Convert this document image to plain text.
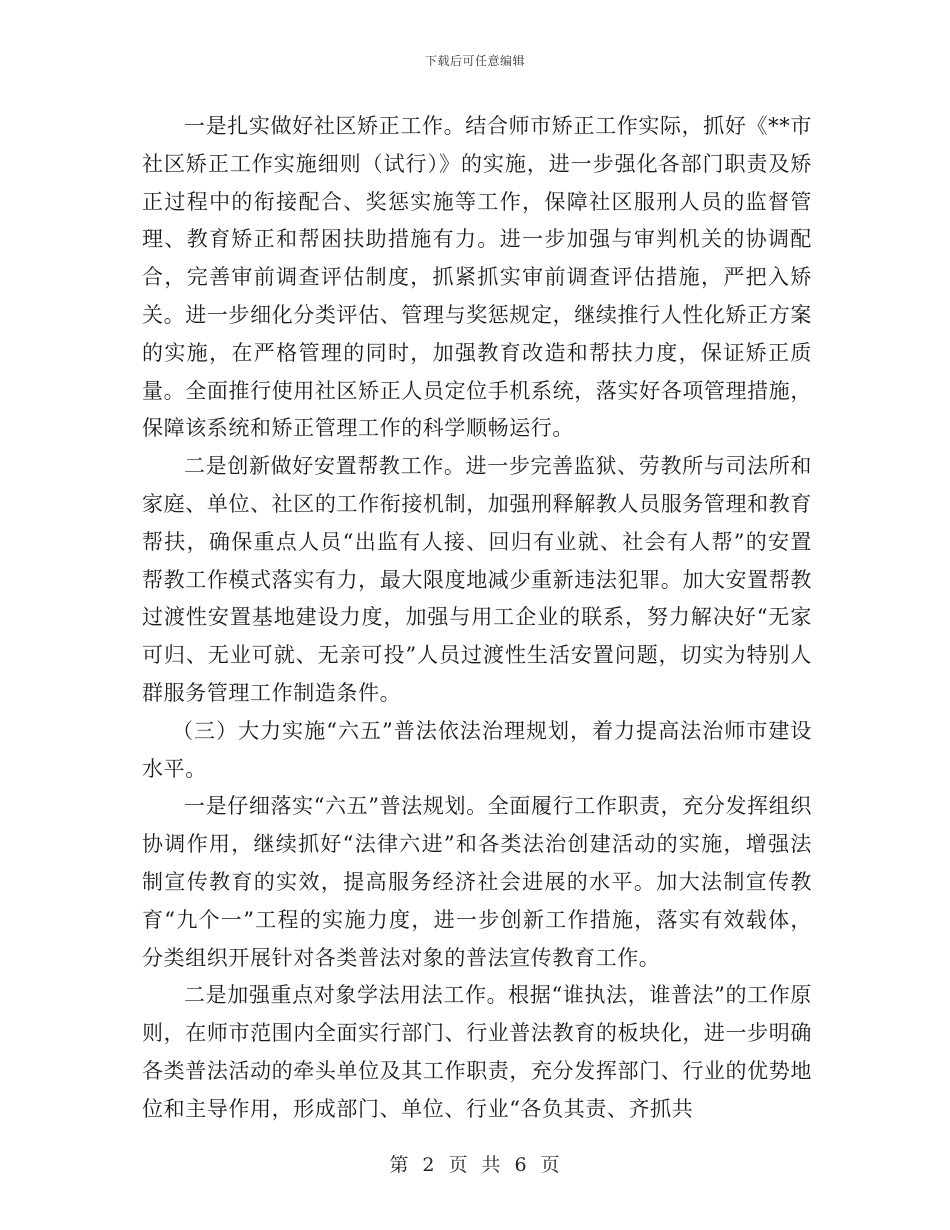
下载后可任意编辑

一是扎实做好社区矫正工作。结合师市矫正工作实际，抓好《**市社区矫正工作实施细则（试行）》的实施，进一步强化各部门职责及矫正过程中的衔接配合、奖惩实施等工作，保障社区服刑人员的监督管理、教育矫正和帮困扶助措施有力。进一步加强与审判机关的协调配合，完善审前调查评估制度，抓紧抓实审前调查评估措施，严把入矫关。进一步细化分类评估、管理与奖惩规定，继续推行人性化矫正方案的实施，在严格管理的同时，加强教育改造和帮扶力度，保证矫正质量。全面推行使用社区矫正人员定位手机系统，落实好各项管理措施，保障该系统和矫正管理工作的科学顺畅运行。

二是创新做好安置帮教工作。进一步完善监狱、劳教所与司法所和家庭、单位、社区的工作衔接机制，加强刑释解教人员服务管理和教育帮扶，确保重点人员“出监有人接、回归有业就、社会有人帮”的安置帮教工作模式落实有力，最大限度地减少重新违法犯罪。加大安置帮教过渡性安置基地建设力度，加强与用工企业的联系，努力解决好“无家可归、无业可就、无亲可投”人员过渡性生活安置问题，切实为特别人群服务管理工作制造条件。

（三）大力实施“六五”普法依法治理规划，着力提高法治师市建设水平。

一是仔细落实“六五”普法规划。全面履行工作职责，充分发挥组织协调作用，继续抓好“法律六进”和各类法治创建活动的实施，增强法制宣传教育的实效，提高服务经济社会进展的水平。加大法制宣传教育“九个一”工程的实施力度，进一步创新工作措施，落实有效载体，分类组织开展针对各类普法对象的普法宣传教育工作。

二是加强重点对象学法用法工作。根据“谁执法，谁普法”的工作原则，在师市范围内全面实行部门、行业普法教育的板块化，进一步明确各类普法活动的牵头单位及其工作职责，充分发挥部门、行业的优势地位和主导作用，形成部门、单位、行业“各负其责、齐抓共

第 2 页 共 6 页
